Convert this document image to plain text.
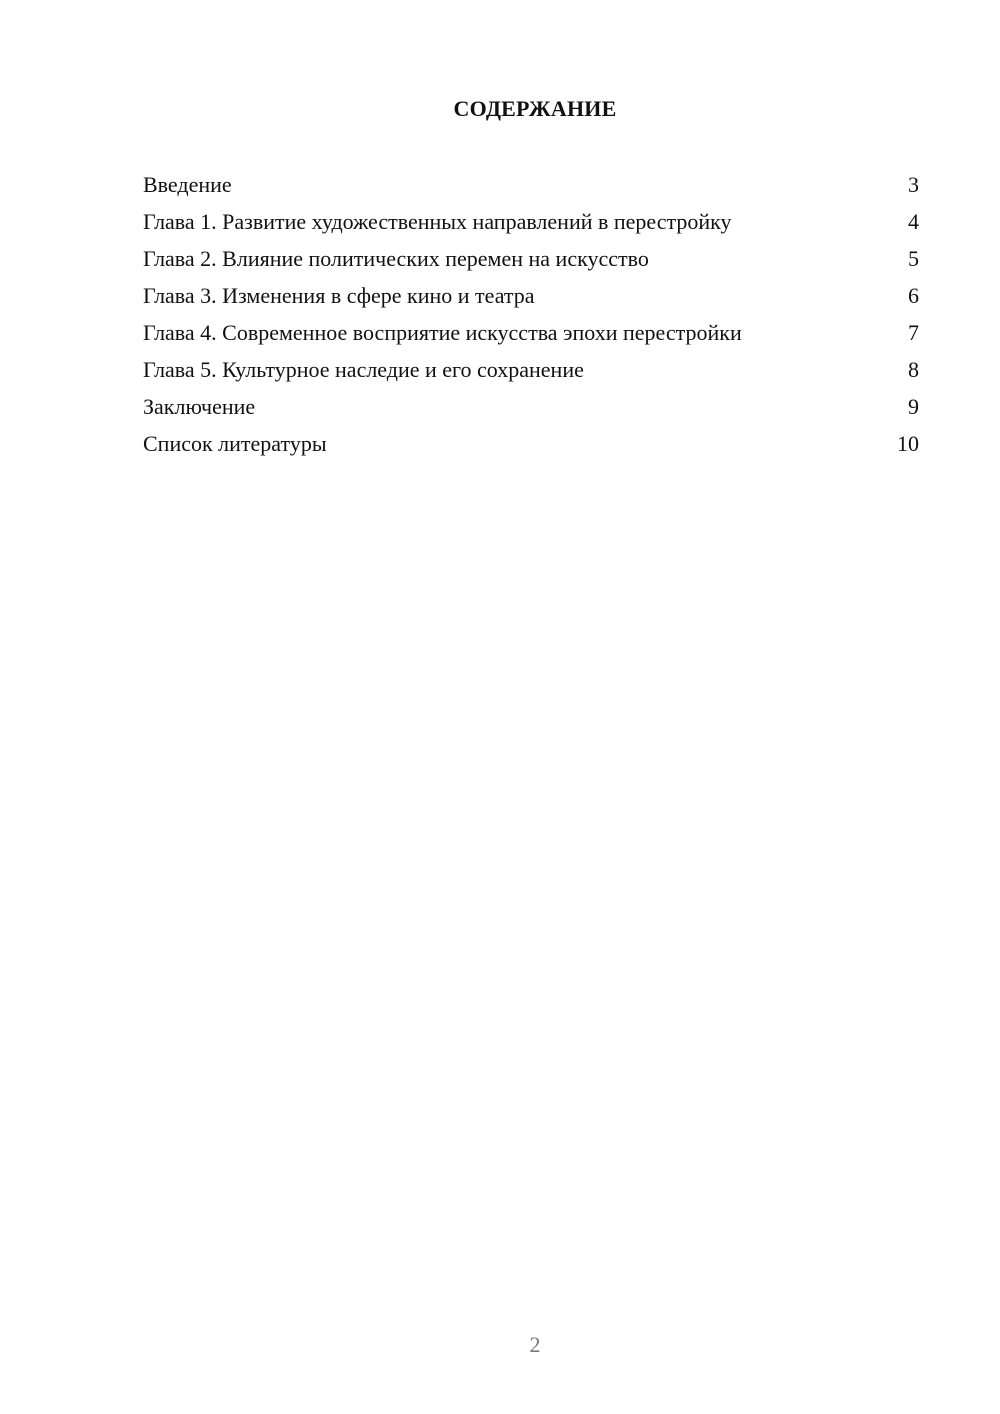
СОДЕРЖАНИЕ
Введение	3
Глава 1. Развитие художественных направлений в перестройку	4
Глава 2. Влияние политических перемен на искусство	5
Глава 3. Изменения в сфере кино и театра	6
Глава 4. Современное восприятие искусства эпохи перестройки	7
Глава 5. Культурное наследие и его сохранение	8
Заключение	9
Список литературы	10
2
